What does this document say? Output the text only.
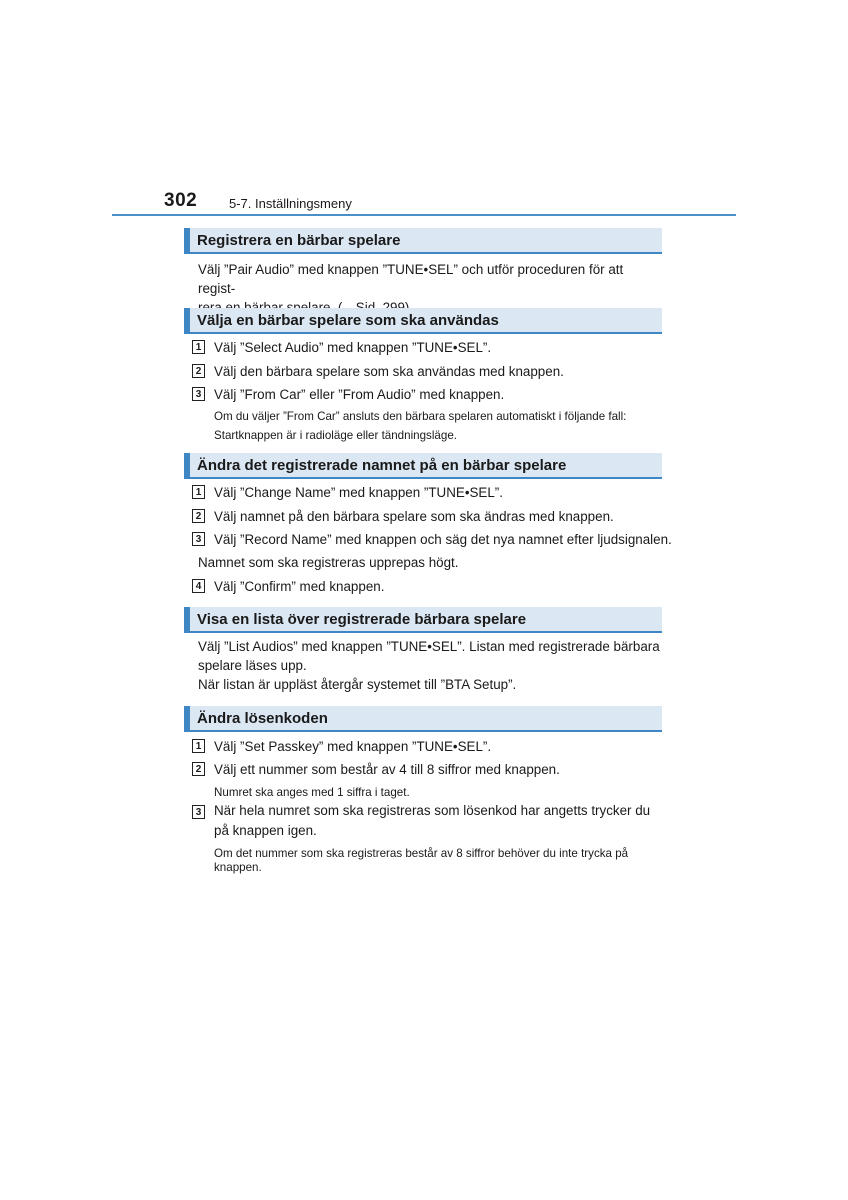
302 5-7. Inställningsmeny
Registrera en bärbar spelare
Välj ”Pair Audio” med knappen ”TUNE•SEL” och utför proceduren för att regist-
Välja en bärbar spelare som ska användas
1 Välj ”Select Audio” med knappen ”TUNE•SEL”.
2 Välj den bärbara spelare som ska användas med knappen.
3 Välj ”From Car” eller ”From Audio” med knappen.
Om du väljer ”From Car” ansluts den bärbara spelaren automatiskt i följande fall:
Startknappen är i radioläge eller tändningsläge.
Ändra det registrerade namnet på en bärbar spelare
1 Välj ”Change Name” med knappen ”TUNE•SEL”.
2 Välj namnet på den bärbara spelare som ska ändras med knappen.
3 Välj ”Record Name” med knappen och säg det nya namnet efter ljudsignalen.
Namnet som ska registreras upprepas högt.
4 Välj ”Confirm” med knappen.
Visa en lista över registrerade bärbara spelare
Välj ”List Audios” med knappen ”TUNE•SEL”. Listan med registrerade bärbara
spelare läses upp.
När listan är uppläst återgår systemet till ”BTA Setup”.
Ändra lösenkoden
1 Välj ”Set Passkey” med knappen ”TUNE•SEL”.
2 Välj ett nummer som består av 4 till 8 siffror med knappen.
Numret ska anges med 1 siffra i taget.
3 När hela numret som ska registreras som lösenkod har angetts trycker du på knappen igen.
Om det nummer som ska registreras består av 8 siffror behöver du inte trycka på knappen.
